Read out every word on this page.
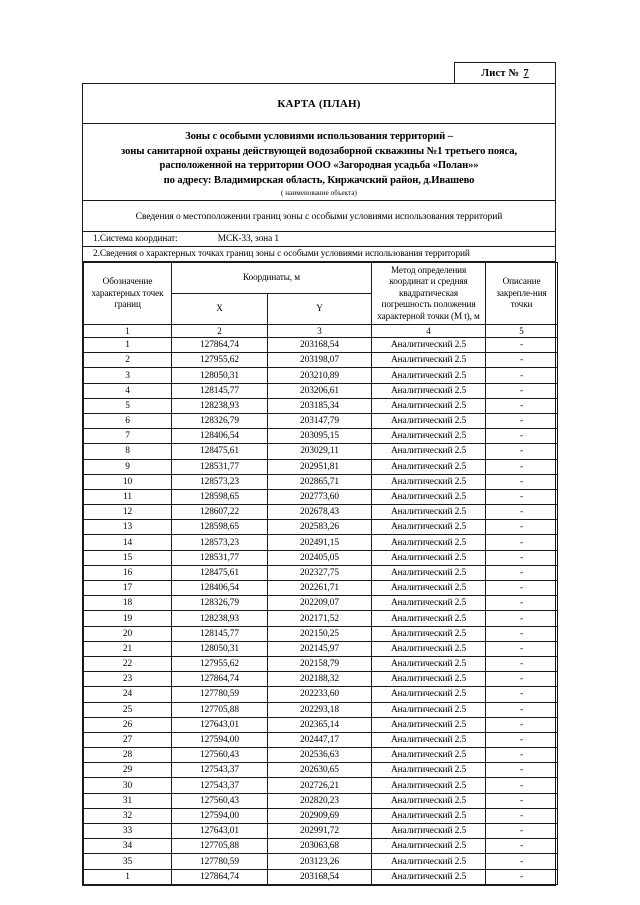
Лист № 7
КАРТА (ПЛАН)
Зоны с особыми условиями использования территорий –
зоны санитарной охраны действующей водозаборной скважины №1 третьего пояса,
расположенной на территории ООО «Загородная усадьба «Полан»»
по адресу: Владимирская область, Киржачский район, д.Ивашево
( наименование объекта)
Сведения о местоположении границ зоны с особыми условиями использования территорий
1.Система координат:	МСК-33, зона 1
2.Сведения о характерных точках границ зоны с особыми условиями использования территорий
Обозначение характерных точек границ	Координаты, м		Метод определения координат и средняя квадратическая погрешность положения характерной точки (М t), м	Описание закрепле-ния точки
	X	Y		
1	2	3	4	5
1	127864,74	203168,54	Аналитический 2.5	-
2	127955,62	203198,07	Аналитический 2.5	-
3	128050,31	203210,89	Аналитический 2.5	-
4	128145,77	203206,61	Аналитический 2.5	-
5	128238,93	203185,34	Аналитический 2.5	-
6	128326,79	203147,79	Аналитический 2.5	-
7	128406,54	203095,15	Аналитический 2.5	-
8	128475,61	203029,11	Аналитический 2.5	-
9	128531,77	202951,81	Аналитический 2.5	-
10	128573,23	202865,71	Аналитический 2.5	-
11	128598,65	202773,60	Аналитический 2.5	-
12	128607,22	202678,43	Аналитический 2.5	-
13	128598,65	202583,26	Аналитический 2.5	-
14	128573,23	202491,15	Аналитический 2.5	-
15	128531,77	202405,05	Аналитический 2.5	-
16	128475,61	202327,75	Аналитический 2.5	-
17	128406,54	202261,71	Аналитический 2.5	-
18	128326,79	202209,07	Аналитический 2.5	-
19	128238,93	202171,52	Аналитический 2.5	-
20	128145,77	202150,25	Аналитический 2.5	-
21	128050,31	202145,97	Аналитический 2.5	-
22	127955,62	202158,79	Аналитический 2.5	-
23	127864,74	202188,32	Аналитический 2.5	-
24	127780,59	202233,60	Аналитический 2.5	-
25	127705,88	202293,18	Аналитический 2.5	-
26	127643,01	202365,14	Аналитический 2.5	-
27	127594,00	202447,17	Аналитический 2.5	-
28	127560,43	202536,63	Аналитический 2.5	-
29	127543,37	202630,65	Аналитический 2.5	-
30	127543,37	202726,21	Аналитический 2.5	-
31	127560,43	202820,23	Аналитический 2.5	-
32	127594,00	202909,69	Аналитический 2.5	-
33	127643,01	202991,72	Аналитический 2.5	-
34	127705,88	203063,68	Аналитический 2.5	-
35	127780,59	203123,26	Аналитический 2.5	-
1	127864,74	203168,54	Аналитический 2.5	-
